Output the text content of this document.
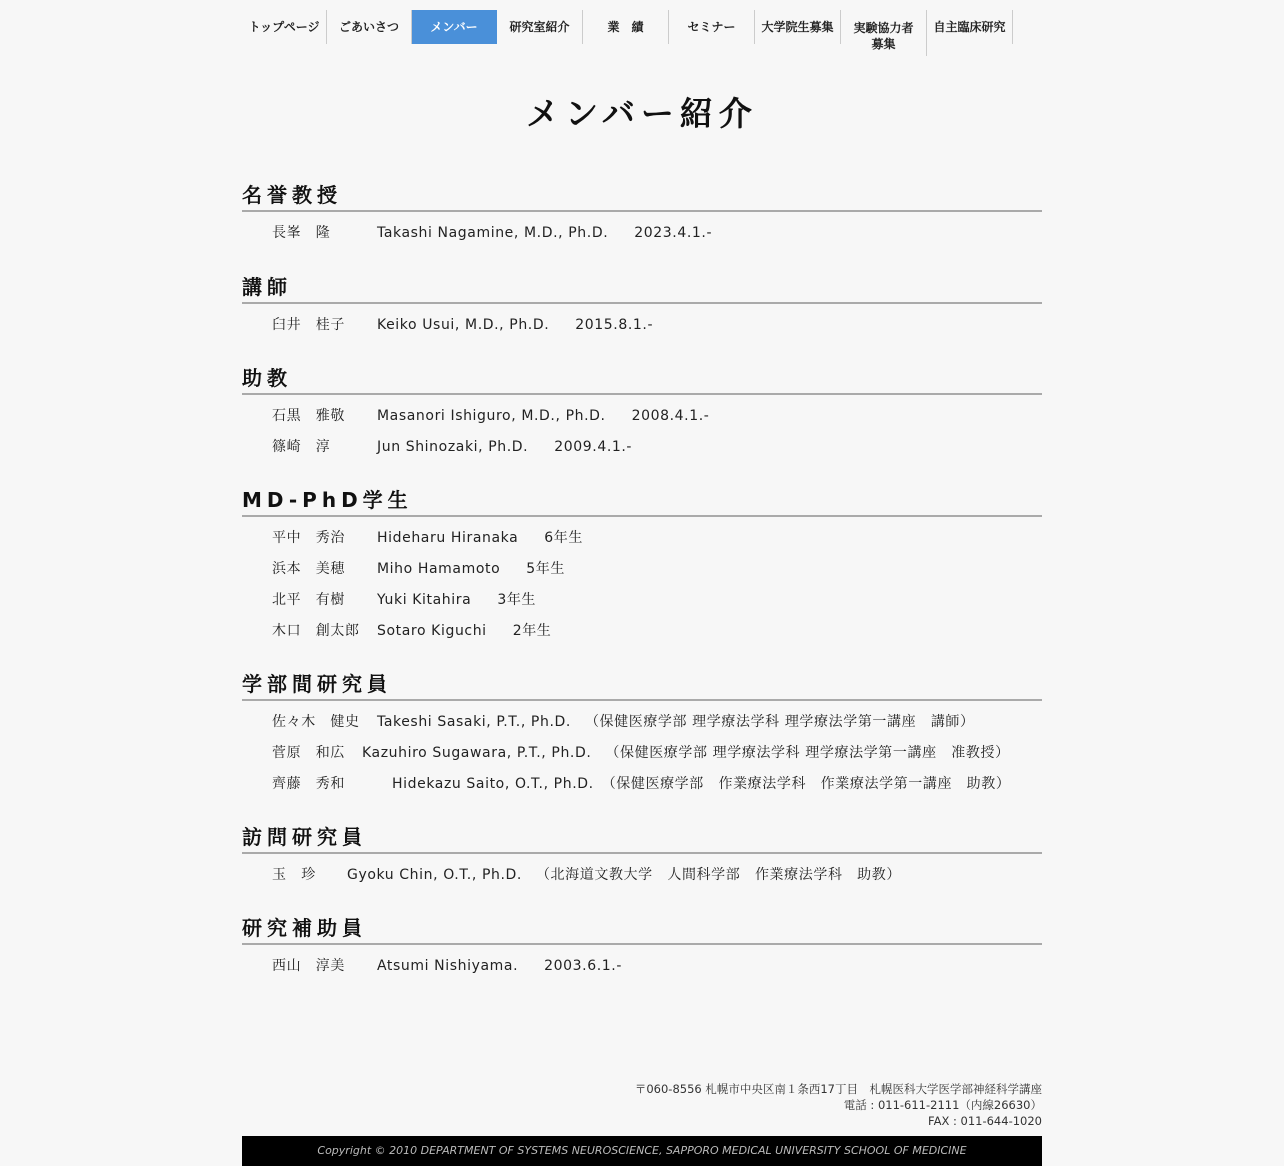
トップページ	ごあいさつ	メンバー	研究室紹介	業　績	セミナー	大学院生募集	実験協力者
募集
自主臨床研究
メンバー紹介
名誉教授
長峯　隆	Takashi Nagamine, M.D., Ph.D. 2023.4.1.-
講師
臼井　桂子 Keiko Usui, M.D., Ph.D. 2015.8.1.-
助教
石黒　雅敬 Masanori Ishiguro, M.D., Ph.D. 2008.4.1.-
篠崎　淳	Jun Shinozaki, Ph.D. 2009.4.1.-
MD-PhD学生
平中　秀治 Hideharu Hiranaka 6年生
浜本　美穂 Miho Hamamoto 5年生
北平　有樹 Yuki Kitahira 3年生
木口　創太郎 Sotaro Kiguchi 2年生
学部間研究員
佐々木　健史 Takeshi Sasaki, P.T., Ph.D. （保健医療学部 理学療法学科 理学療法学第一講座　講師）
菅原　和広 Kazuhiro Sugawara, P.T., Ph.D. （保健医療学部 理学療法学科 理学療法学第一講座　准教授）
齊藤　秀和	Hidekazu Saito, O.T., Ph.D. （保健医療学部　作業療法学科　作業療法学第一講座　助教）
訪問研究員
玉　珍 Gyoku Chin, O.T., Ph.D. （北海道文教大学　人間科学部　作業療法学科　助教）
研究補助員
西山　淳美 Atsumi Nishiyama. 2003.6.1.-
〒060-8556 札幌市中央区南１条西17丁目　札幌医科大学医学部神経科学講座
電話 : 011-611-2111（内線26630）
FAX : 011-644-1020
Copyright © 2010 DEPARTMENT OF SYSTEMS NEUROSCIENCE, SAPPORO MEDICAL UNIVERSITY SCHOOL OF MEDICINE
